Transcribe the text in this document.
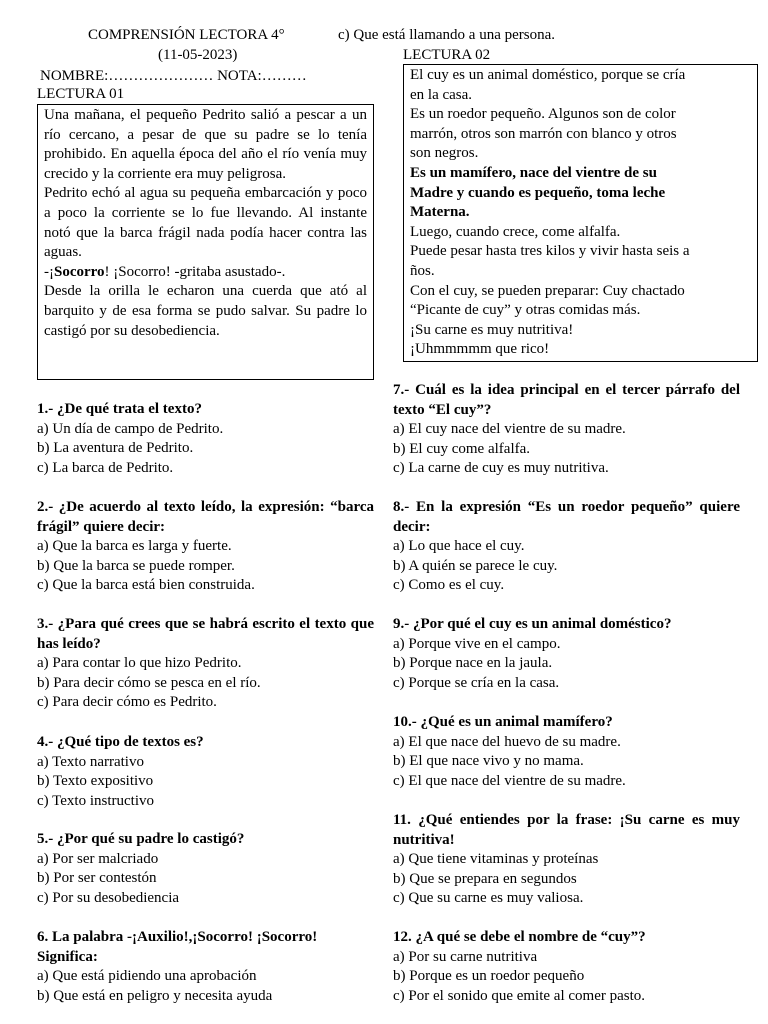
COMPRENSIÓN LECTORA 4°	c) Que está llamando a una persona.
(11-05-2023)	LECTURA 02
NOMBRE:………………… NOTA:………
LECTURA 01

Una mañana, el pequeño Pedrito salió a pescar a un río cercano, a pesar de que su padre se lo tenía prohibido. En aquella época del año el río venía muy crecido y la corriente era muy peligrosa.

Pedrito echó al agua su pequeña embarcación y poco a poco la corriente se lo fue llevando. Al instante notó que la barca frágil nada podía hacer contra las aguas.

-¡Socorro! ¡Socorro! -gritaba asustado-.

Desde la orilla le echaron una cuerda que ató al barquito y de esa forma se pudo salvar. Su padre lo castigó por su desobediencia.

El cuy es un animal doméstico, porque se cría

en la casa.

Es un roedor pequeño. Algunos son de color

marrón, otros son marrón con blanco y otros

son negros.

Es un mamífero, nace del vientre de su

Madre y cuando es pequeño, toma leche

Materna.

Luego, cuando crece, come alfalfa.

Puede pesar hasta tres kilos y vivir hasta seis a

ños.

Con el cuy, se pueden preparar: Cuy chactado

“Picante de cuy” y otras comidas más.

¡Su carne es muy nutritiva!

¡Uhmmmmm que rico!

1.- ¿De qué trata el texto?
a) Un día de campo de Pedrito.
b) La aventura de Pedrito.
c) La barca de Pedrito.
2.- ¿De acuerdo al texto leído, la expresión: “barca frágil” quiere decir:
a) Que la barca es larga y fuerte.
b) Que la barca se puede romper.
c) Que la barca está bien construida.
3.- ¿Para qué crees que se habrá escrito el texto que has leído?
a) Para contar lo que hizo Pedrito.
b) Para decir cómo se pesca en el río.
c) Para decir cómo es Pedrito.
4.- ¿Qué tipo de textos es?
a) Texto narrativo
b) Texto expositivo
c) Texto instructivo
5.- ¿Por qué su padre lo castigó?
a) Por ser malcriado
b) Por ser contestón
c) Por su desobediencia
6. La palabra -¡Auxilio!,¡Socorro! ¡Socorro! Significa:
a) Que está pidiendo una aprobación
b) Que está en peligro y necesita ayuda
7.- Cuál es la idea principal en el tercer párrafo del texto “El cuy”?
a) El cuy nace del vientre de su madre.
b) El cuy come alfalfa.
c) La carne de cuy es muy nutritiva.
8.- En la expresión “Es un roedor pequeño” quiere decir:
a) Lo que hace el cuy.
b) A quién se parece le cuy.
c) Como es el cuy.
9.- ¿Por qué el cuy es un animal doméstico?
a) Porque vive en el campo.
b) Porque nace en la jaula.
c) Porque se cría en la casa.
10.- ¿Qué es un animal mamífero?
a) El que nace del huevo de su madre.
b) El que nace vivo y no mama.
c) El que nace del vientre de su madre.
11. ¿Qué entiendes por la frase: ¡Su carne es muy nutritiva!
a) Que tiene vitaminas y proteínas
b) Que se prepara en segundos
c) Que su carne es muy valiosa.
12. ¿A qué se debe el nombre de “cuy”?
a) Por su carne nutritiva
b) Porque es un roedor pequeño
c) Por el sonido que emite al comer pasto.
